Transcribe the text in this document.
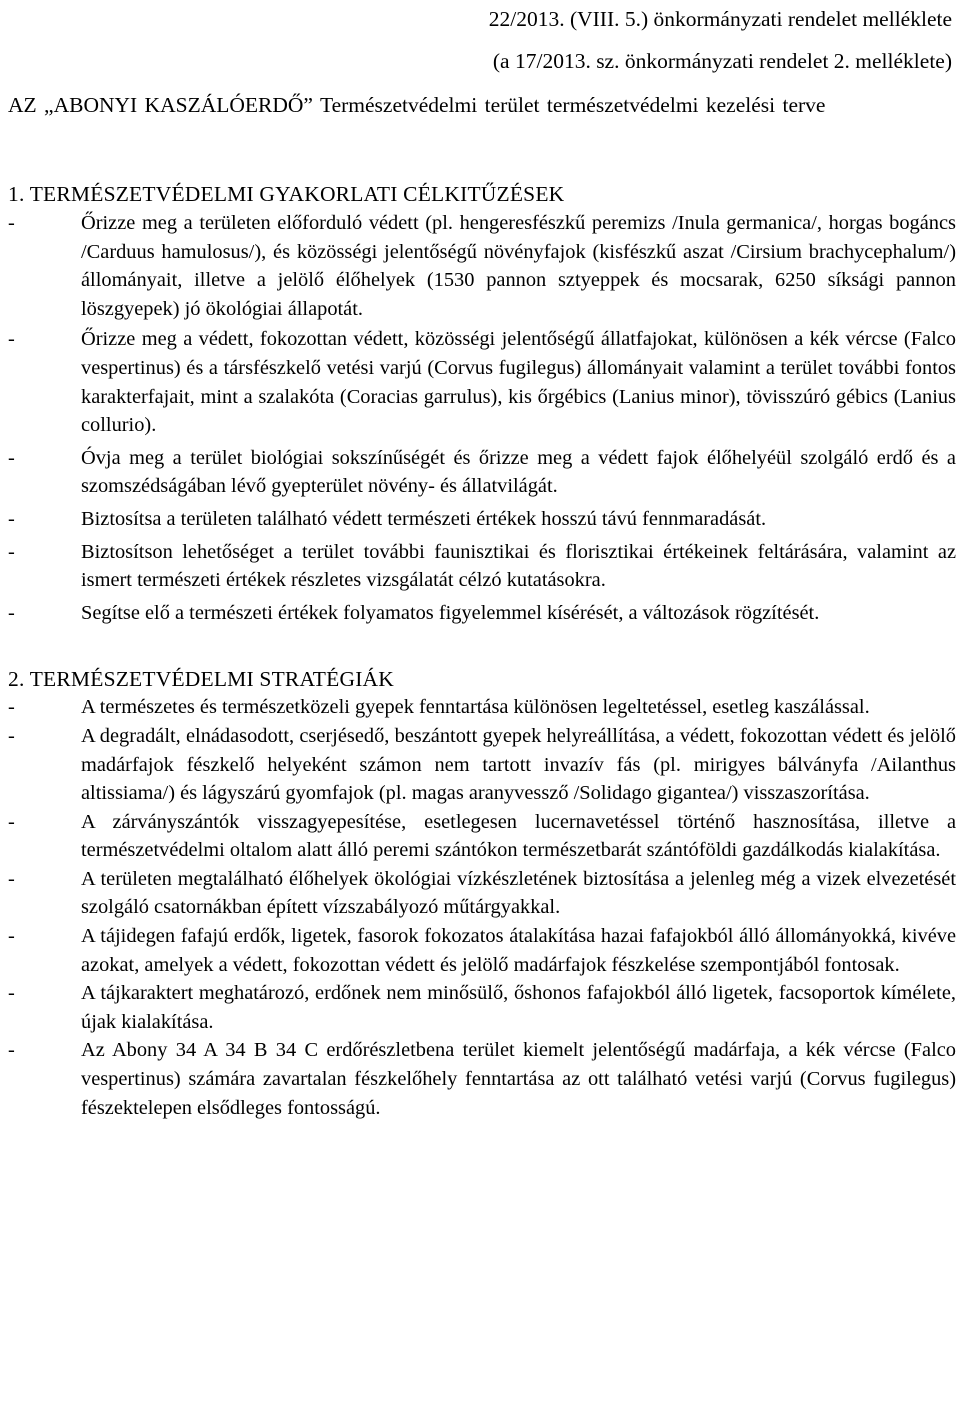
22/2013. (VIII. 5.) önkormányzati rendelet melléklete
(a 17/2013. sz. önkormányzati rendelet 2. melléklete)
AZ „ABONYI KASZÁLÓERDŐ” Természetvédelmi terület természetvédelmi kezelési terve
1. TERMÉSZETVÉDELMI GYAKORLATI CÉLKITŰZÉSEK
-	Őrizze meg a területen előforduló védett (pl. hengeresfészkű peremizs /Inula germanica/, horgas bogáncs /Carduus hamulosus/), és közösségi jelentőségű növényfajok (kisfészkű aszat /Cirsium brachycephalum/) állományait, illetve a jelölő élőhelyek (1530 pannon sztyeppek és mocsarak, 6250 síksági pannon löszgyepek) jó ökológiai állapotát.
-	Őrizze meg a védett, fokozottan védett, közösségi jelentőségű állatfajokat, különösen a kék vércse (Falco vespertinus) és a társfészkelő vetési varjú (Corvus fugilegus) állományait valamint a terület további fontos karakterfajait, mint a szalakóta (Coracias garrulus), kis őrgébics (Lanius minor), tövisszúró gébics (Lanius collurio).
-	Óvja meg a terület biológiai sokszínűségét és őrizze meg a védett fajok élőhelyéül szolgáló erdő és a szomszédságában lévő gyepterület növény- és állatvilágát.
-	Biztosítsa a területen található védett természeti értékek hosszú távú fennmaradását.
-	Biztosítson lehetőséget a terület további faunisztikai és florisztikai értékeinek feltárására, valamint az ismert természeti értékek részletes vizsgálatát célzó kutatásokra.
-	Segítse elő a természeti értékek folyamatos figyelemmel kísérését, a változások rögzítését.
2. TERMÉSZETVÉDELMI STRATÉGIÁK
-	A természetes és természetközeli gyepek fenntartása különösen legeltetéssel, esetleg kaszálással.
-	A degradált, elnádasodott, cserjésedő, beszántott gyepek helyreállítása, a védett, fokozottan védett és jelölő madárfajok fészkelő helyeként számon nem tartott invazív fás (pl. mirigyes bálványfa /Ailanthus altissiama/) és lágyszárú gyomfajok (pl. magas aranyvessző /Solidago gigantea/) visszaszorítása.
-	A zárványszántók visszagyepesítése, esetlegesen lucernavetéssel történő hasznosítása, illetve a természetvédelmi oltalom alatt álló peremi szántókon természetbarát szántóföldi gazdálkodás kialakítása.
-	A területen megtalálható élőhelyek ökológiai vízkészletének biztosítása a jelenleg még a vizek elvezetését szolgáló csatornákban épített vízszabályozó műtárgyakkal.
-	A tájidegen fafajú erdők, ligetek, fasorok fokozatos átalakítása hazai fafajokból álló állományokká, kivéve azokat, amelyek a védett, fokozottan védett és jelölő madárfajok fészkelése szempontjából fontosak.
-	A tájkaraktert meghatározó, erdőnek nem minősülő, őshonos fafajokból álló ligetek, facsoportok kímélete, újak kialakítása.
-	Az Abony 34 A 34 B 34 C erdőrészletbena terület kiemelt jelentőségű madárfaja, a kék vércse (Falco vespertinus) számára zavartalan fészkelőhely fenntartása az ott található vetési varjú (Corvus fugilegus) fészektelepen elsődleges fontosságú.
